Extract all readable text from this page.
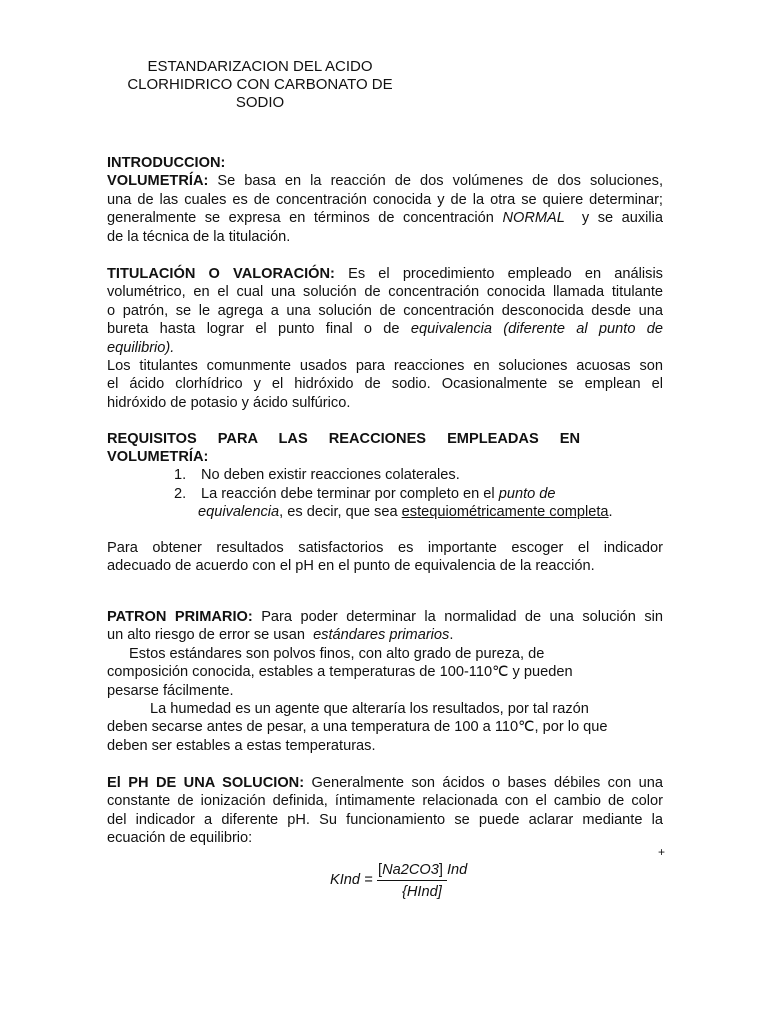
ESTANDARIZACION DEL ACIDO
CLORHIDRICO CON CARBONATO DE
SODIO
INTRODUCCION:
VOLUMETRÍA: Se basa en la reacción de dos volúmenes de dos soluciones,
una de las cuales es de concentración conocida y de la otra se quiere determinar;
generalmente se expresa en términos de concentración NORMAL y se auxilia
de la técnica de la titulación.
TITULACIÓN O VALORACIÓN: Es el procedimiento empleado en análisis
volumétrico, en el cual una solución de concentración conocida llamada titulante
o patrón, se le agrega a una solución de concentración desconocida desde una
bureta hasta lograr el punto final o de equivalencia (diferente al punto de
equilibrio).
Los titulantes comunmente usados para reacciones en soluciones acuosas son
el ácido clorhídrico y el hidróxido de sodio. Ocasionalmente se emplean el
hidróxido de potasio y ácido sulfúrico.
REQUISITOS PARA LAS REACCIONES EMPLEADAS EN
VOLUMETRÍA:
1. No deben existir reacciones colaterales.
2. La reacción debe terminar por completo en el punto de
equivalencia, es decir, que sea estequiométricamente completa.
Para obtener resultados satisfactorios es importante escoger el indicador
adecuado de acuerdo con el pH en el punto de equivalencia de la reacción.
PATRON PRIMARIO: Para poder determinar la normalidad de una solución sin
un alto riesgo de error se usan estándares primarios.
Estos estándares son polvos finos, con alto grado de pureza, de
composición conocida, estables a temperaturas de 100-110℃ y pueden
pesarse fácilmente.
La humedad es un agente que alteraría los resultados, por tal razón
deben secarse antes de pesar, a una temperatura de 100 a 110℃, por lo que
deben ser estables a estas temperaturas.
El PH DE UNA SOLUCION: Generalmente son ácidos o bases débiles con una
constante de ionización definida, íntimamente relacionada con el cambio de color
del indicador a diferente pH. Su funcionamiento se puede aclarar mediante la
ecuación de equilibrio:
+
KInd =
[Na2CO3] Ind
{HInd]
